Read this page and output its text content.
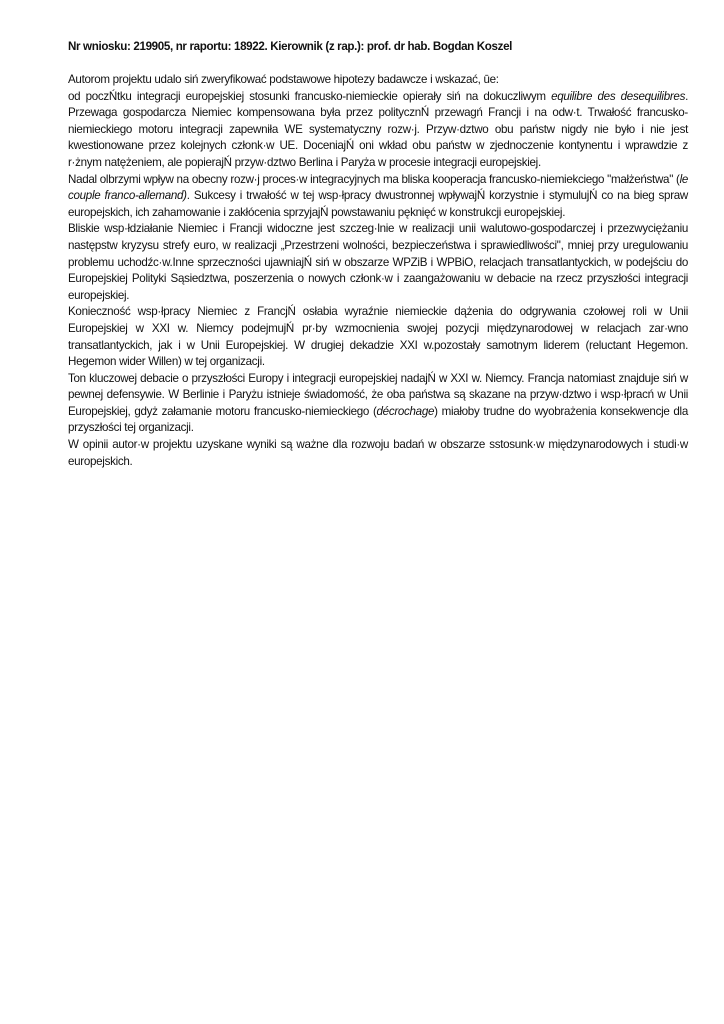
Nr wniosku: 219905, nr raportu: 18922. Kierownik (z rap.): prof. dr hab. Bogdan Koszel

Autorom projektu udalo siń zweryfikować podstawowe hipotezy badawcze i wskazać, ūe:

od poczŃtku integracji europejskiej stosunki francusko-niemieckie opierały siń na dokuczliwym equilibre des desequilibres. Przewaga gospodarcza Niemiec kompensowana była przez politycznŃ przewagń Francji i na odw·t. Trwałość francusko-niemieckiego motoru integracji zapewniła WE systematyczny rozw·j. Przyw·dztwo obu państw nigdy nie było i nie jest kwestionowane przez kolejnych członk·w UE. DoceniajŃ oni wkład obu państw w zjednoczenie kontynentu i wprawdzie z r·żnym natężeniem, ale popierajŃ przyw·dztwo Berlina i Paryża w procesie integracji europejskiej.

Nadal olbrzymi wpływ na obecny rozw·j proces·w integracyjnych ma bliska kooperacja francusko-niemiekciego "małżeństwa" (le couple franco-allemand). Sukcesy i trwałość w tej wsp·łpracy dwustronnej wpływajŃ korzystnie i stymulujŃ co na bieg spraw europejskich, ich zahamowanie i zakłócenia sprzyjajŃ powstawaniu pęknięć w konstrukcji europejskiej.

Bliskie wsp·łdziałanie Niemiec i Francji widoczne jest szczeg·lnie w realizacji unii walutowo-gospodarczej i przezwyciężaniu następstw kryzysu strefy euro, w realizacji „Przestrzeni wolności, bezpieczeństwa i sprawiedliwości", mniej przy uregulowaniu problemu uchodźc·w.Inne sprzeczności ujawniajŃ siń w obszarze WPZiB i WPBiO, relacjach transatlantyckich, w podejściu do Europejskiej Polityki Sąsiedztwa, poszerzenia o nowych członk·w i zaangażowaniu w debacie na rzecz przyszłości integracji europejskiej.

Konieczność wsp·łpracy Niemiec z FrancjŃ osłabia wyraźnie niemieckie dążenia do odgrywania czołowej roli w Unii Europejskiej w XXI w. Niemcy podejmujŃ pr·by wzmocnienia swojej pozycji międzynarodowej w relacjach zar·wno transatlantyckich, jak i w Unii Europejskiej. W drugiej dekadzie XXI w.pozostały samotnym liderem (reluctant Hegemon. Hegemon wider Willen) w tej organizacji.

Ton kluczowej debacie o przyszłości Europy i integracji europejskiej nadajŃ w XXI w. Niemcy. Francja natomiast znajduje siń w pewnej defensywie. W Berlinie i Paryżu istnieje świadomość, że oba państwa są skazane na przyw·dztwo i wsp·łpracń w Unii Europejskiej, gdyż załamanie motoru francusko-niemieckiego (décrochage) miałoby trudne do wyobrażenia konsekwencje dla przyszłości tej organizacji.

W opinii autor·w projektu uzyskane wyniki są ważne dla rozwoju badań w obszarze sstosunk·w międzynarodowych i studi·w europejskich.
